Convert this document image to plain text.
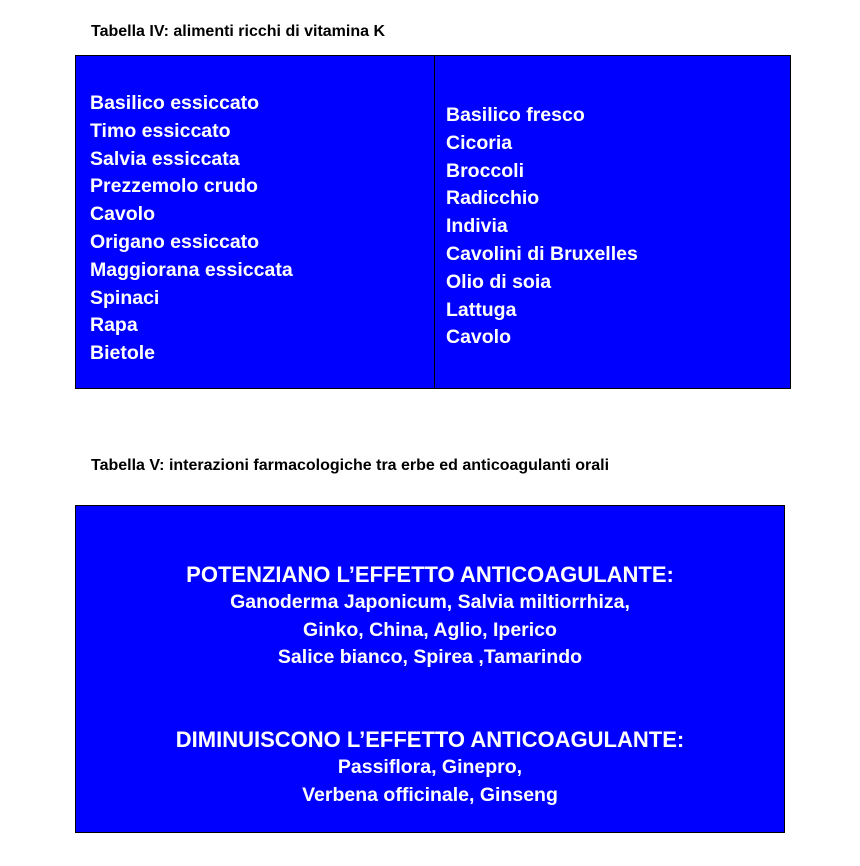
Tabella IV: alimenti ricchi di vitamina K

Basilico essiccato
Timo essiccato
Salvia essiccata
Prezzemolo crudo
Cavolo
Origano essiccato
Maggiorana essiccata
Spinaci
Rapa
Bietole
Basilico fresco
Cicoria
Broccoli
Radicchio
Indivia
Cavolini di Bruxelles
Olio di soia
Lattuga
Cavolo

Tabella V: interazioni farmacologiche tra erbe ed anticoagulanti orali

POTENZIANO L’EFFETTO ANTICOAGULANTE:
Ganoderma Japonicum, Salvia miltiorrhiza,
Ginko, China, Aglio, Iperico
Salice bianco, Spirea ,Tamarindo
DIMINUISCONO L’EFFETTO ANTICOAGULANTE:
Passiflora, Ginepro,
Verbena officinale, Ginseng
